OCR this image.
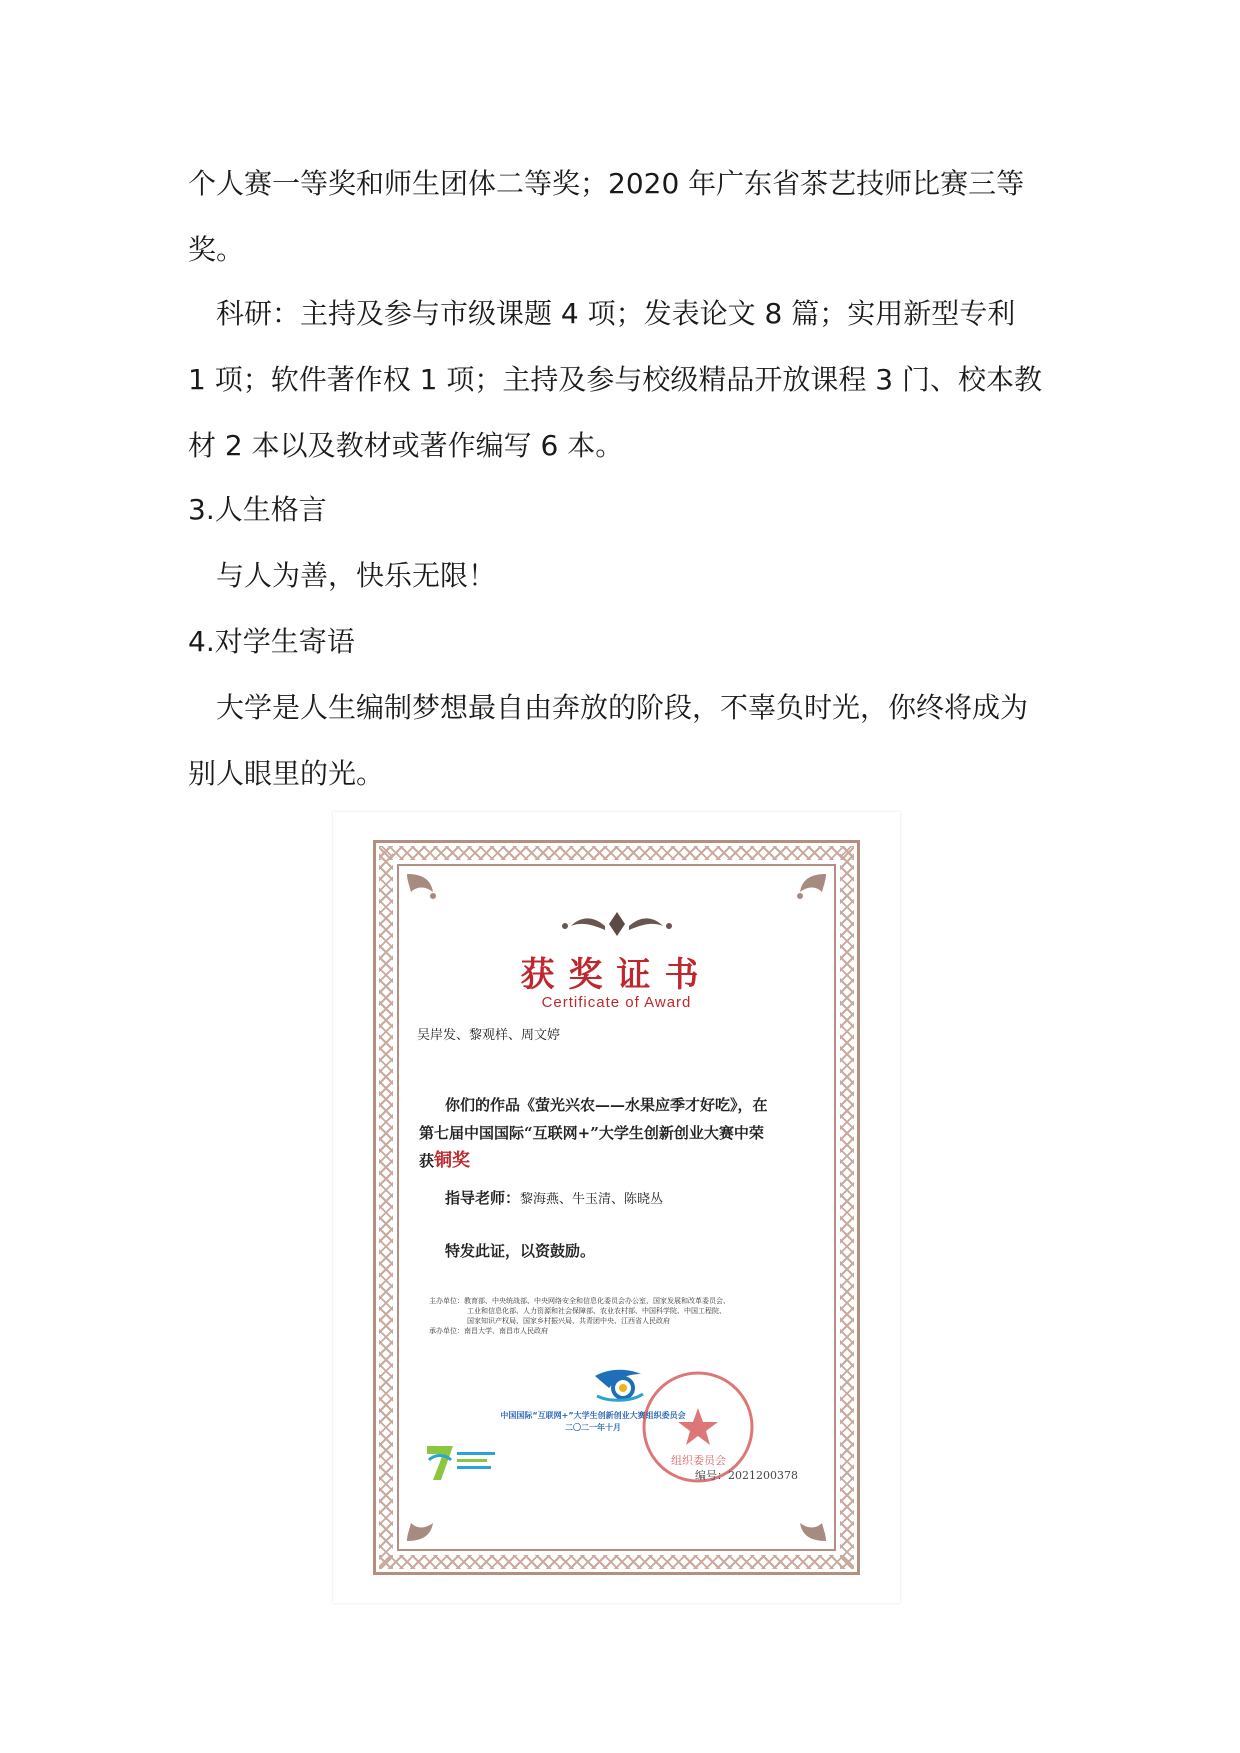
个人赛一等奖和师生团体二等奖；2020 年广东省茶艺技师比赛三等
奖。

　科研：主持及参与市级课题 4 项；发表论文 8 篇；实用新型专利
1 项；软件著作权 1 项；主持及参与校级精品开放课程 3 门、校本教
材 2 本以及教材或著作编写 6 本。

3.人生格言

　与人为善，快乐无限！

4.对学生寄语

　大学是人生编制梦想最自由奔放的阶段，不辜负时光，你终将成为
别人眼里的光。

获奖证书
Certificate of Award
吴岸发、黎观样、周文婷
你们的作品《萤光兴农——水果应季才好吃》，在
第七届中国国际“互联网+”大学生创新创业大赛中荣
获铜奖
指导老师：黎海燕、牛玉清、陈晓丛
特发此证，以资鼓励。
主办单位：教育部、中央统战部、中央网络安全和信息化委员会办公室、国家发展和改革委员会、
工业和信息化部、人力资源和社会保障部、农业农村部、中国科学院、中国工程院、
国家知识产权局、国家乡村振兴局、共青团中央、江西省人民政府
承办单位：南昌大学、南昌市人民政府
中国国际“互联网+”大学生创新创业大赛组织委员会
二〇二一年十月
组织委员会
编号：2021200378
